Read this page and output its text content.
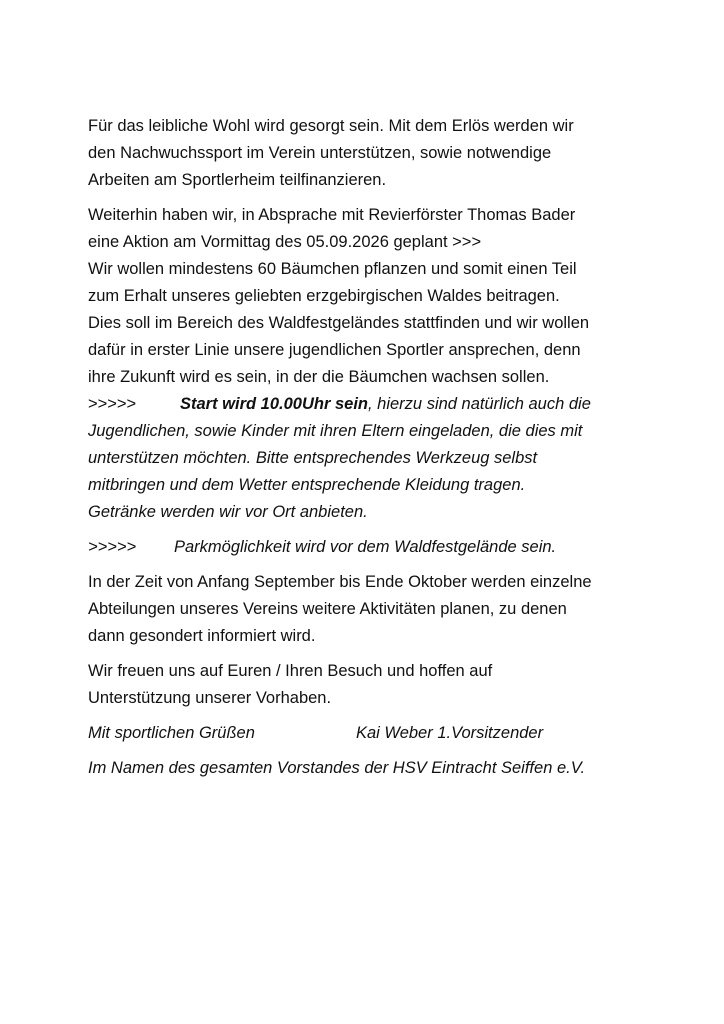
Für das leibliche Wohl wird gesorgt sein. Mit dem Erlös werden wir
den Nachwuchssport im Verein unterstützen, sowie notwendige
Arbeiten am Sportlerheim teilfinanzieren.
Weiterhin haben wir, in Absprache mit Revierförster Thomas Bader
eine Aktion am Vormittag des 05.09.2026 geplant >>>
Wir wollen mindestens 60 Bäumchen pflanzen und somit einen Teil
zum Erhalt unseres geliebten erzgebirgischen Waldes beitragen.
Dies soll im Bereich des Waldfestgeländes stattfinden und wir wollen
dafür in erster Linie unsere jugendlichen Sportler ansprechen, denn
ihre Zukunft wird es sein, in der die Bäumchen wachsen sollen.
>>>>>	Start wird 10.00Uhr sein, hierzu sind natürlich auch die
Jugendlichen, sowie Kinder mit ihren Eltern eingeladen, die dies mit
unterstützen möchten. Bitte entsprechendes Werkzeug selbst
mitbringen und dem Wetter entsprechende Kleidung tragen.
Getränke werden wir vor Ort anbieten.
>>>>> Parkmöglichkeit wird vor dem Waldfestgelände sein.
In der Zeit von Anfang September bis Ende Oktober werden einzelne
Abteilungen unseres Vereins weitere Aktivitäten planen, zu denen
dann gesondert informiert wird.
Wir freuen uns auf Euren / Ihren Besuch und hoffen auf
Unterstützung unserer Vorhaben.
Mit sportlichen Grüßen	Kai Weber 1.Vorsitzender
Im Namen des gesamten Vorstandes der HSV Eintracht Seiffen e.V.
